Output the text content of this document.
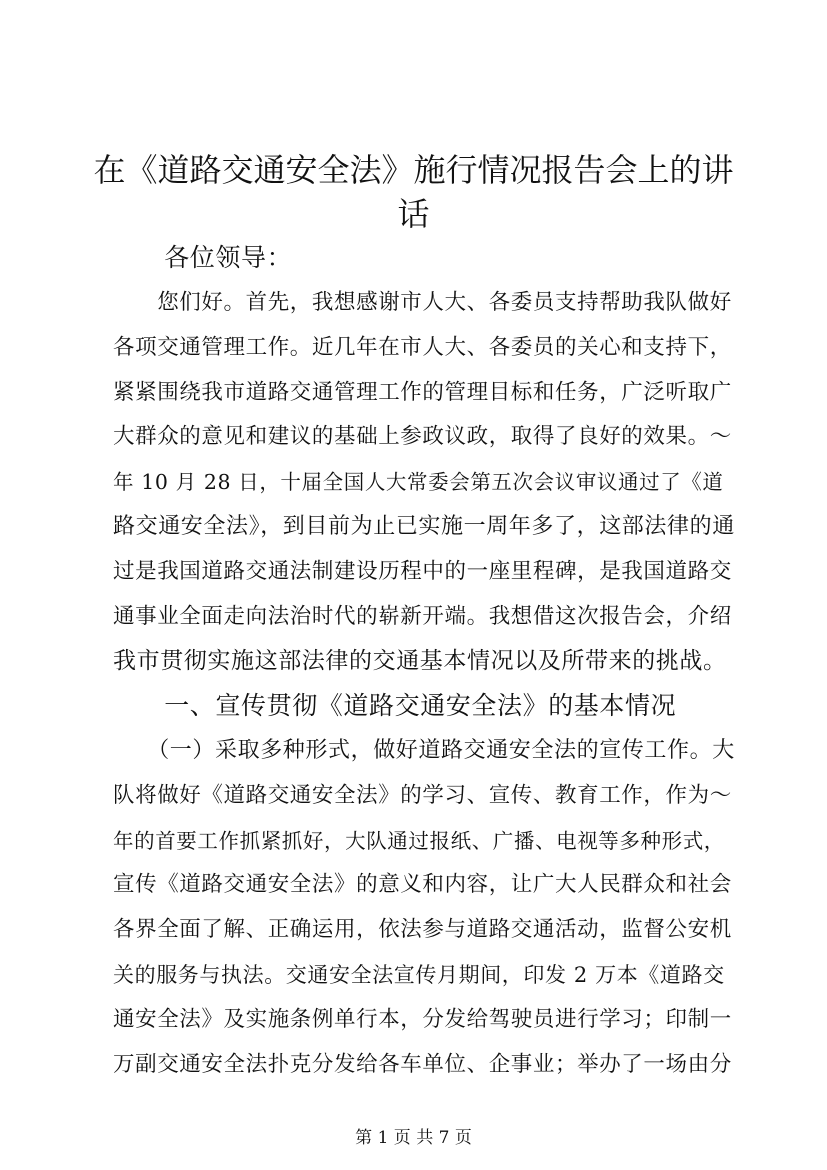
在《道路交通安全法》施行情况报告会上的讲
话
　　各位领导：
　　您们好。首先，我想感谢市人大、各委员支持帮助我队做好
各项交通管理工作。近几年在市人大、各委员的关心和支持下，
紧紧围绕我市道路交通管理工作的管理目标和任务，广泛听取广
大群众的意见和建议的基础上参政议政，取得了良好的效果。～
年 10 月 28 日，十届全国人大常委会第五次会议审议通过了《道
路交通安全法》，到目前为止已实施一周年多了，这部法律的通
过是我国道路交通法制建设历程中的一座里程碑，是我国道路交
通事业全面走向法治时代的崭新开端。我想借这次报告会，介绍
我市贯彻实施这部法律的交通基本情况以及所带来的挑战。
　　一、宣传贯彻《道路交通安全法》的基本情况
　　（一）采取多种形式，做好道路交通安全法的宣传工作。大
队将做好《道路交通安全法》的学习、宣传、教育工作，作为～
年的首要工作抓紧抓好，大队通过报纸、广播、电视等多种形式，
宣传《道路交通安全法》的意义和内容，让广大人民群众和社会
各界全面了解、正确运用，依法参与道路交通活动，监督公安机
关的服务与执法。交通安全法宣传月期间，印发 2 万本《道路交
通安全法》及实施条例单行本，分发给驾驶员进行学习；印制一
万副交通安全法扑克分发给各车单位、企事业；举办了一场由分
第 1 页 共 7 页
